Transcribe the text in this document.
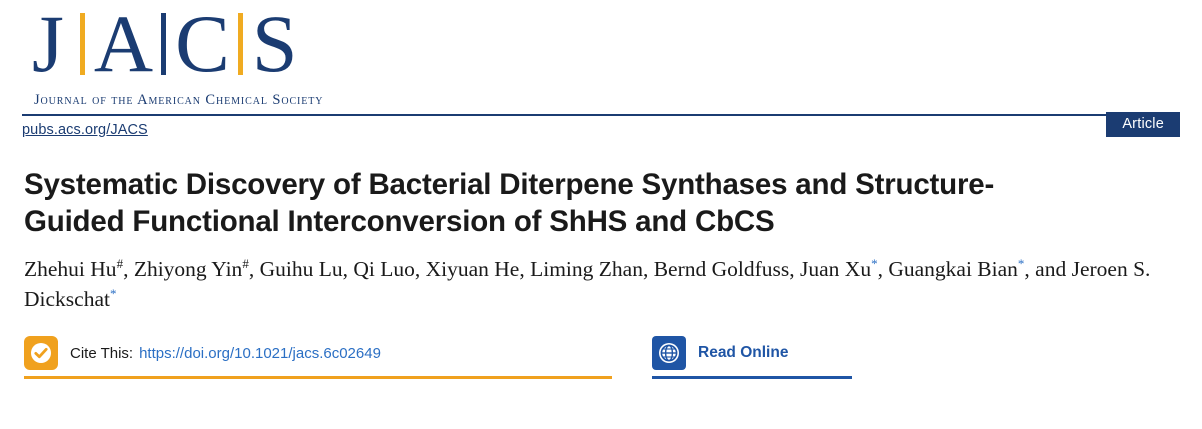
J A C S
Journal of the American Chemical Society
pubs.acs.org/JACS	Article
Systematic Discovery of Bacterial Diterpene Synthases and Structure-Guided Functional Interconversion of ShHS and CbCS
Zhehui Hu#, Zhiyong Yin#, Guihu Lu, Qi Luo, Xiyuan He, Liming Zhan, Bernd Goldfuss, Juan Xu*, Guangkai Bian*, and Jeroen S. Dickschat*
Cite This: https://doi.org/10.1021/jacs.6c02649	Read Online
